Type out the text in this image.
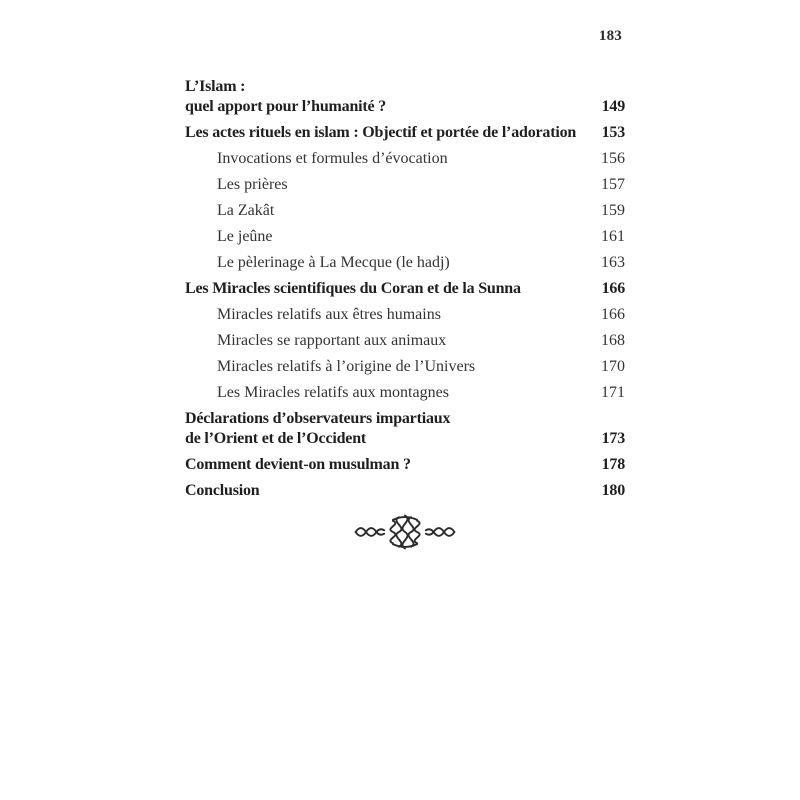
183
L’Islam :
quel apport pour l’humanité ?	149
Les actes rituels en islam : Objectif et portée de l’adoration 153
Invocations et formules d’évocation	156
Les prières	157
La Zakât	159
Le jeûne	161
Le pèlerinage à La Mecque (le hadj)	163
Les Miracles scientifiques du Coran et de la Sunna	166
Miracles relatifs aux êtres humains	166
Miracles se rapportant aux animaux	168
Miracles relatifs à l’origine de l’Univers	170
Les Miracles relatifs aux montagnes	171
Déclarations d’observateurs impartiaux
de l’Orient et de l’Occident	173
Comment devient-on musulman ?	178
Conclusion	180
